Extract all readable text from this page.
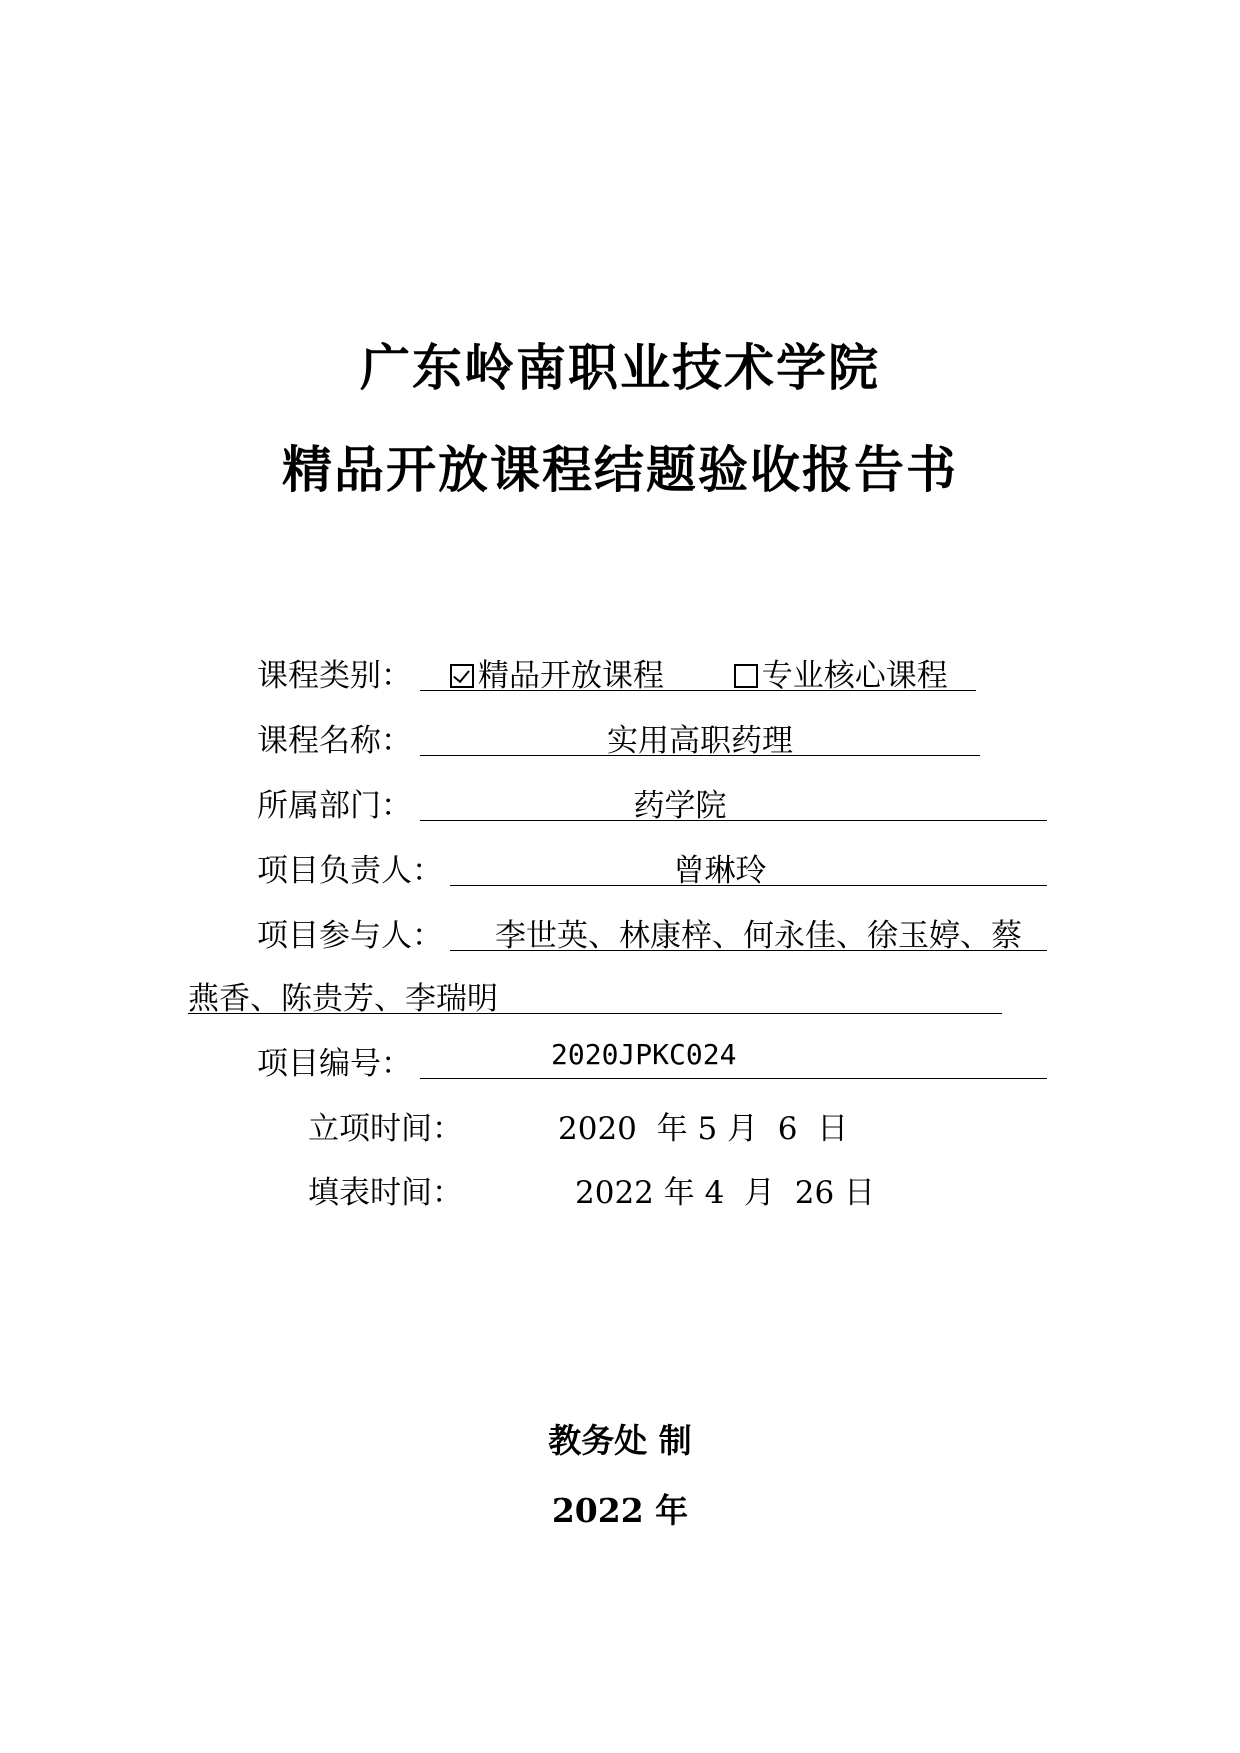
广东岭南职业技术学院
精品开放课程结题验收报告书
课程类别：	精品开放课程	专业核心课程
课程名称：	实用高职药理
所属部门：	药学院
项目负责人：	曾琳玲
项目参与人： 李世英、林康梓、何永佳、徐玉婷、蔡
燕香、陈贵芳、李瑞明
项目编号：	2020JPKC024
立项时间：	2020  年 5 月  6  日
填表时间：	2022 年 4  月  26 日
教务处 制
2022 年
